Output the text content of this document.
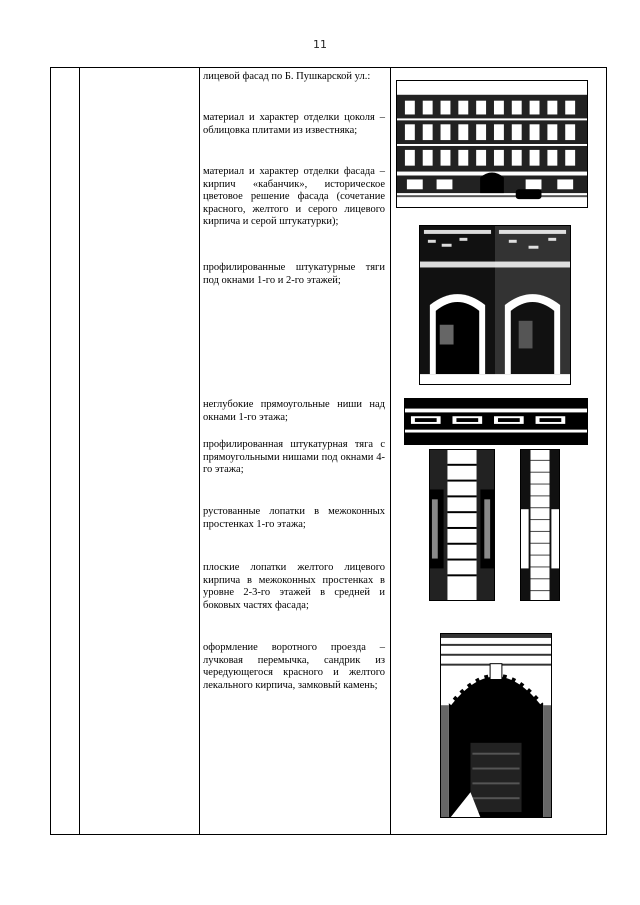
11
лицевой фасад по Б. Пушкарской ул.:
материал и характер отделки цоколя – облицовка плитами из известняка;
материал и характер отделки фасада – кирпич «кабанчик», историческое цветовое решение фасада (сочетание красного, желтого и серого лицевого кирпича и серой штукатурки);
профилированные штукатурные тяги под окнами 1-го и 2-го этажей;
неглубокие прямоугольные ниши над окнами 1-го этажа;
профилированная штукатурная тяга с прямоугольными нишами под окнами 4-го этажа;
рустованные лопатки в межоконных простенках 1-го этажа;
плоские лопатки желтого лицевого кирпича в межоконных простенках в уровне 2-3-го этажей в средней и боковых частях фасада;
оформление воротного проезда – лучковая перемычка, сандрик из чередующегося красного и желтого лекального кирпича, замковый камень;
